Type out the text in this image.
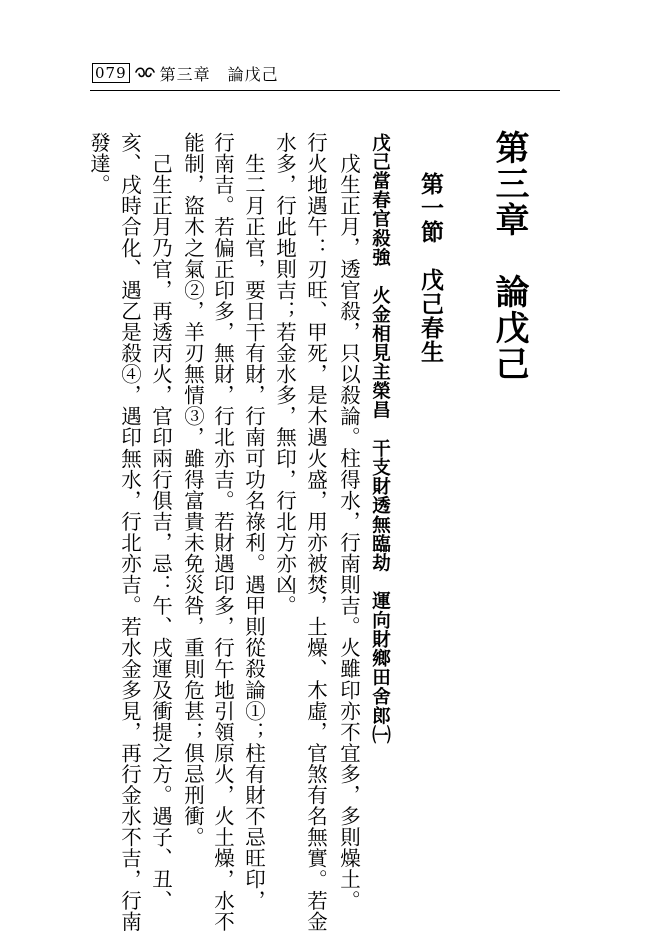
079 第三章　論戊己
第三章　論戊己
第一節　戊己春生
戊己當春官殺強　火金相見主榮昌　干支財透無臨劫　運向財鄉田舍郎㈠
戊生正月，透官殺，只以殺論。柱得水，行南則吉。火雖印亦不宜多，多則燥土。
行火地遇午：刃旺、甲死，是木遇火盛，用亦被焚，土燥、木虛，官煞有名無實。若金
水多，行此地則吉；若金水多，無印，行北方亦凶。
生二月正官，要日干有財，行南可功名祿利。遇甲則從殺論①；柱有財不忌旺印，
行南吉。若偏正印多，無財，行北亦吉。若財遇印多，行午地引領原火，火土燥，水不
能制，盜木之氣②，羊刃無情③，雖得富貴未免災咎，重則危甚；俱忌刑衝。
己生正月乃官，再透丙火，官印兩行俱吉，忌：午、戌運及衝提之方。遇子、丑、
亥、戌時合化、遇乙是殺④，遇印無水，行北亦吉。若水金多見，再行金水不吉，行南
發達。
